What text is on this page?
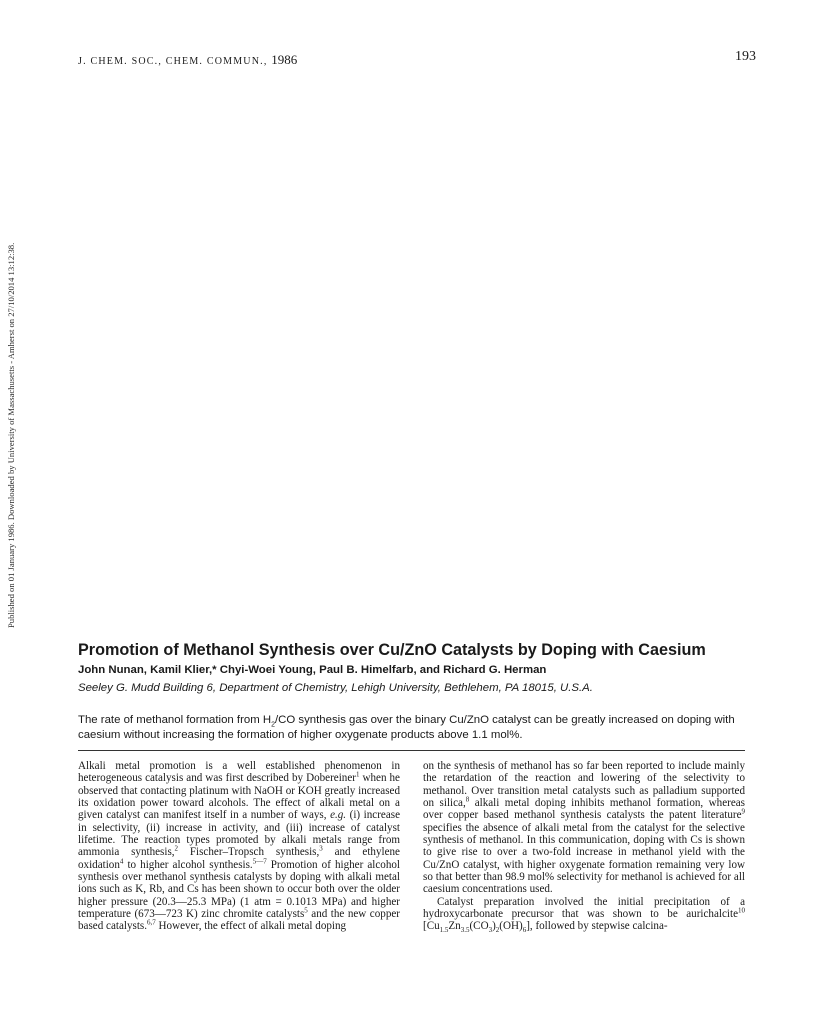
J. CHEM. SOC., CHEM. COMMUN., 1986	193
Published on 01 January 1986. Downloaded by University of Massachusetts - Amherst on 27/10/2014 13:12:38.
Promotion of Methanol Synthesis over Cu/ZnO Catalysts by Doping with Caesium
John Nunan, Kamil Klier,* Chyi-Woei Young, Paul B. Himelfarb, and Richard G. Herman
Seeley G. Mudd Building 6, Department of Chemistry, Lehigh University, Bethlehem, PA 18015, U.S.A.
The rate of methanol formation from $H_2/CO$ synthesis gas over the binary Cu/ZnO catalyst can be greatly increased on doping with caesium without increasing the formation of higher oxygenate products above 1.1 mol%.

Alkali metal promotion is a well established phenomenon in heterogeneous catalysis and was first described by Dobereiner$^1$ when he observed that contacting platinum with NaOH or KOH greatly increased its oxidation power toward alcohols. The effect of alkali metal on a given catalyst can manifest itself in a number of ways, e.g. (i) increase in selectivity, (ii) increase in activity, and (iii) increase of catalyst lifetime. The reaction types promoted by alkali metals range from ammonia synthesis,$^2$ Fischer–Tropsch synthesis,$^3$ and ethylene oxidation$^4$ to higher alcohol synthesis.$^{5—7}$ Promotion of higher alcohol synthesis over methanol synthesis catalysts by doping with alkali metal ions such as K, Rb, and Cs has been shown to occur both over the older higher pressure (20.3—25.3 MPa) (1 atm = 0.1013 MPa) and higher temperature (673—723 K) zinc chromite catalysts$^5$ and the new copper based catalysts.$^{6,7}$ However, the effect of alkali metal doping

on the synthesis of methanol has so far been reported to include mainly the retardation of the reaction and lowering of the selectivity to methanol. Over transition metal catalysts such as palladium supported on silica,$^8$ alkali metal doping inhibits methanol formation, whereas over copper based methanol synthesis catalysts the patent literature$^9$ specifies the absence of alkali metal from the catalyst for the selective synthesis of methanol. In this communication, doping with Cs is shown to give rise to over a two-fold increase in methanol yield with the Cu/ZnO catalyst, with higher oxygenate formation remaining very low so that better than 98.9 mol% selectivity for methanol is achieved for all caesium concentrations used.

Catalyst preparation involved the initial precipitation of a hydroxycarbonate precursor that was shown to be aurichalcite$^{10}$ $[Cu_{1.5}Zn_{3.5}(CO_3)_2(OH)_6]$, followed by stepwise calcina-
